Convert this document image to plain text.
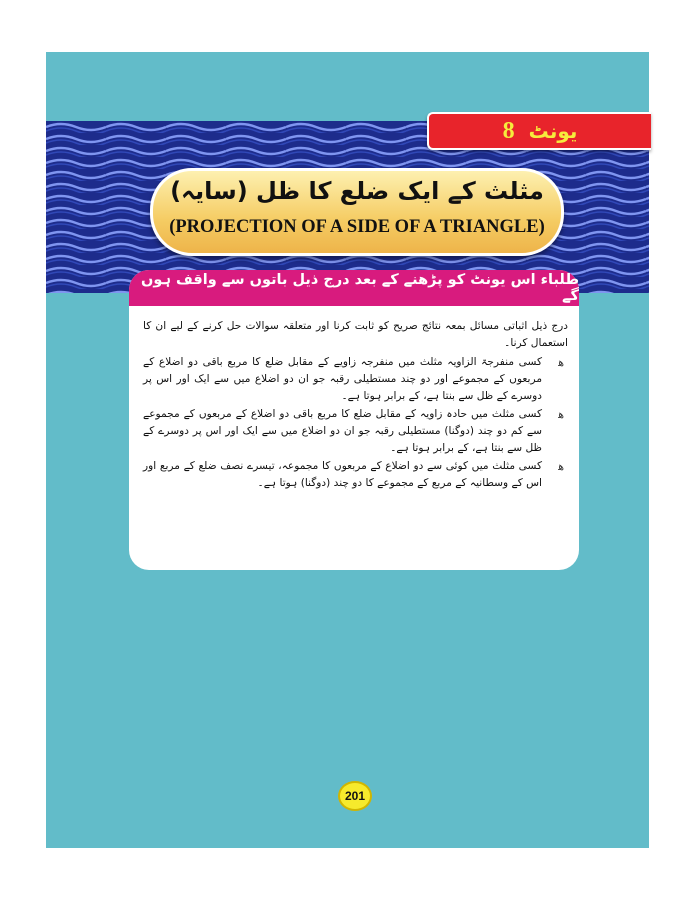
یونٹ
8
مثلث کے ایک ضلع کا ظل (سایہ)
(PROJECTION OF A SIDE OF A TRIANGLE)
طلباء اس یونٹ کو پڑھنے کے بعد درج ذیل باتوں سے واقف ہوں گے

درج ذیل اثباتی مسائل بمعہ نتائج صریح کو ثابت کرنا اور متعلقہ سوالات حل کرنے کے لیے ان کا استعمال کرنا۔

ﻫ
کسی منفرجۃ الزاویہ مثلث میں منفرجہ زاویے کے مقابل ضلع کا مربع باقی دو اضلاع کے مربعوں کے مجموعے اور دو چند مستطیلی رقبہ جو ان دو اضلاع میں سے ایک اور اس پر دوسرے کے ظل سے بنتا ہے، کے برابر ہوتا ہے۔
ﻫ
کسی مثلث میں حادہ زاویہ کے مقابل ضلع کا مربع باقی دو اضلاع کے مربعوں کے مجموعے سے کم دو چند (دوگنا) مستطیلی رقبہ جو ان دو اضلاع میں سے ایک اور اس پر دوسرے کے ظل سے بنتا ہے، کے برابر ہوتا ہے۔
ﻫ
کسی مثلث میں کوئی سے دو اضلاع کے مربعوں کا مجموعہ، تیسرے نصف ضلع کے مربع اور اس کے وسطانیہ کے مربع کے مجموعے کا دو چند (دوگنا) ہوتا ہے۔
201
